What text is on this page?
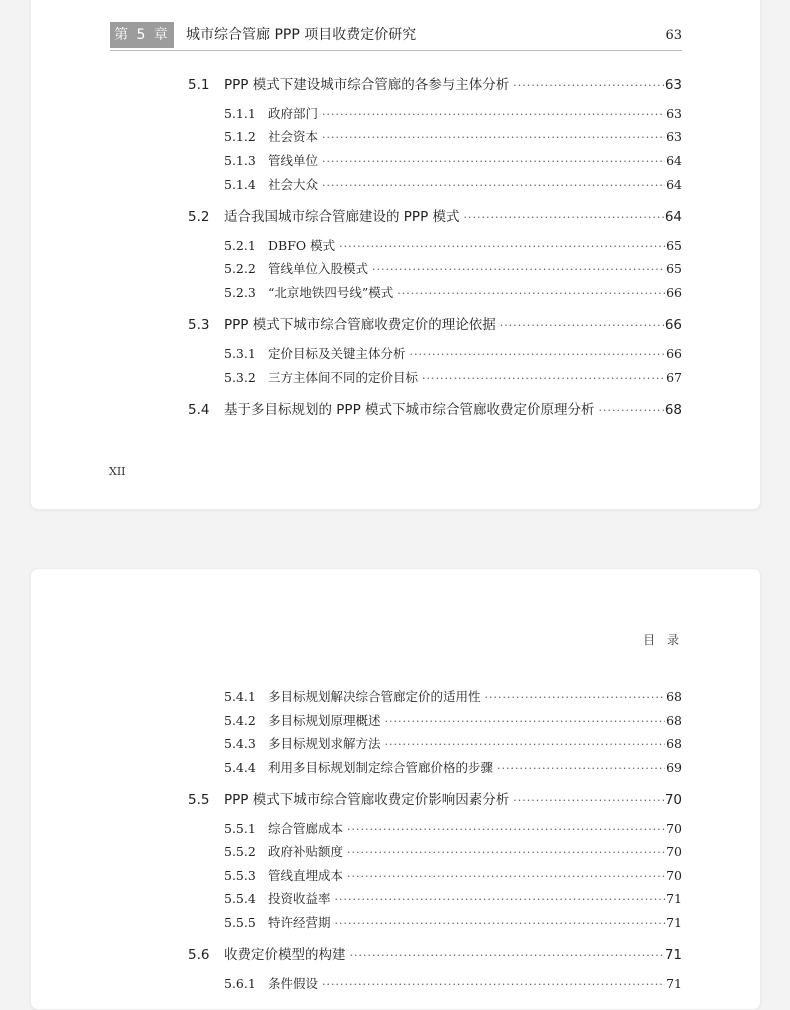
第 5 章 城市综合管廊 PPP 项目收费定价研究	63
5.1	PPP 模式下建设城市综合管廊的各参与主体分析 ·····	63
5.1.1 政府部门 ·····	63
5.1.2 社会资本 ·····	63
5.1.3 管线单位 ·····	64
5.1.4 社会大众 ·····	64
5.2	适合我国城市综合管廊建设的 PPP 模式 ·····	64
5.2.1 DBFO 模式 ·····	65
5.2.2 管线单位入股模式 ·····	65
5.2.3 “北京地铁四号线”模式 ·····	66
5.3	PPP 模式下城市综合管廊收费定价的理论依据 ·····	66
5.3.1 定价目标及关键主体分析 ·····	66
5.3.2 三方主体间不同的定价目标 ·····	67
5.4	基于多目标规划的 PPP 模式下城市综合管廊收费定价原理分析 ·····	68
XII
目 录
5.4.1 多目标规划解决综合管廊定价的适用性 ·····	68
5.4.2 多目标规划原理概述 ·····	68
5.4.3 多目标规划求解方法 ·····	68
5.4.4 利用多目标规划制定综合管廊价格的步骤 ·····	69
5.5	PPP 模式下城市综合管廊收费定价影响因素分析 ·····	70
5.5.1 综合管廊成本 ·····	70
5.5.2 政府补贴额度 ·····	70
5.5.3 管线直埋成本 ·····	70
5.5.4 投资收益率 ·····	71
5.5.5 特许经营期 ·····	71
5.6	收费定价模型的构建 ·····	71
5.6.1 条件假设 ·····	71
